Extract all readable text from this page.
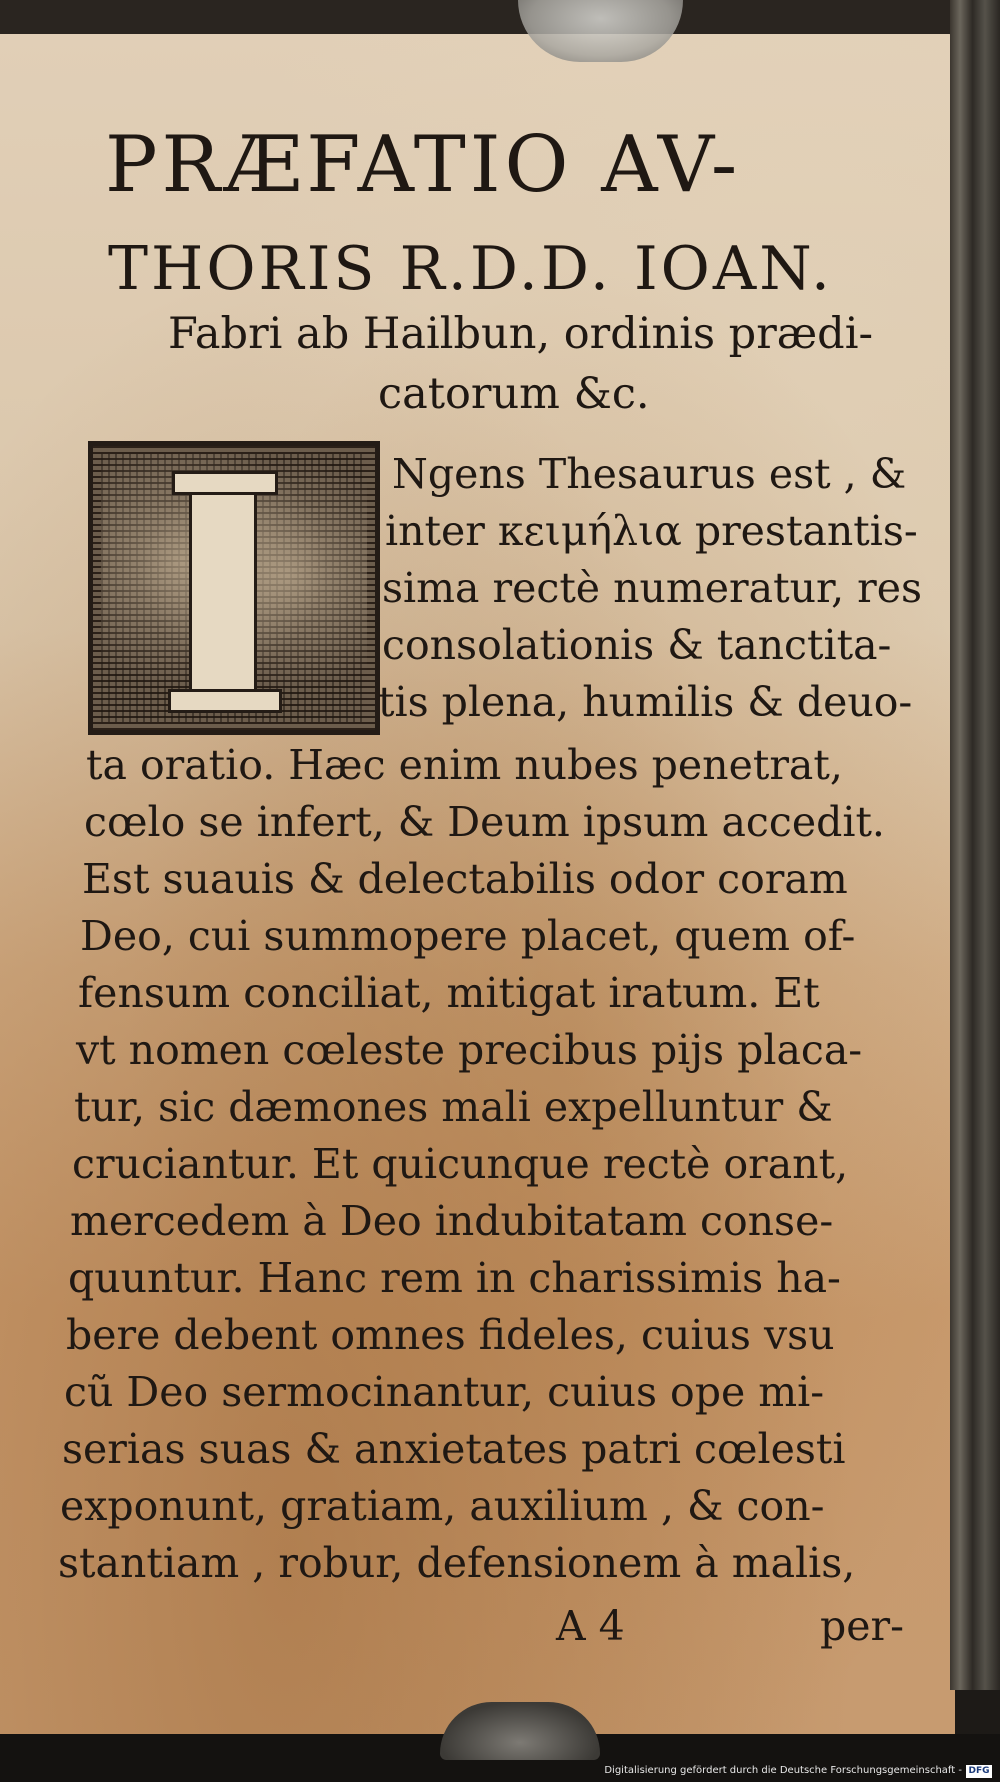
PRÆFATIO AV-
THORIS R.D.D. IOAN.
Fabri ab Hailbun, ordinis prædi-
catorum &c.
Ngens Thesaurus est , &
inter κειμήλια prestantis-
sima rectè numeratur, res
consolationis & tanctita-
tis plena, humilis & deuo-
ta oratio. Hæc enim nubes penetrat,
cœlo se infert, & Deum ipsum accedit.
Est suauis & delectabilis odor coram
Deo, cui summopere placet, quem of-
fensum conciliat, mitigat iratum. Et
vt nomen cœleste precibus pijs placa-
tur, sic dæmones mali expelluntur &
cruciantur. Et quicunque rectè orant,
mercedem à Deo indubitatam conse-
quuntur. Hanc rem in charissimis ha-
bere debent omnes fideles, cuius vsu
cũ Deo sermocinantur, cuius ope mi-
serias suas & anxietates patri cœlesti
exponunt, gratiam, auxilium , & con-
stantiam , robur, defensionem à malis,
A 4	per-
Digitalisierung gefördert durch die Deutsche Forschungsgemeinschaft - DFG
